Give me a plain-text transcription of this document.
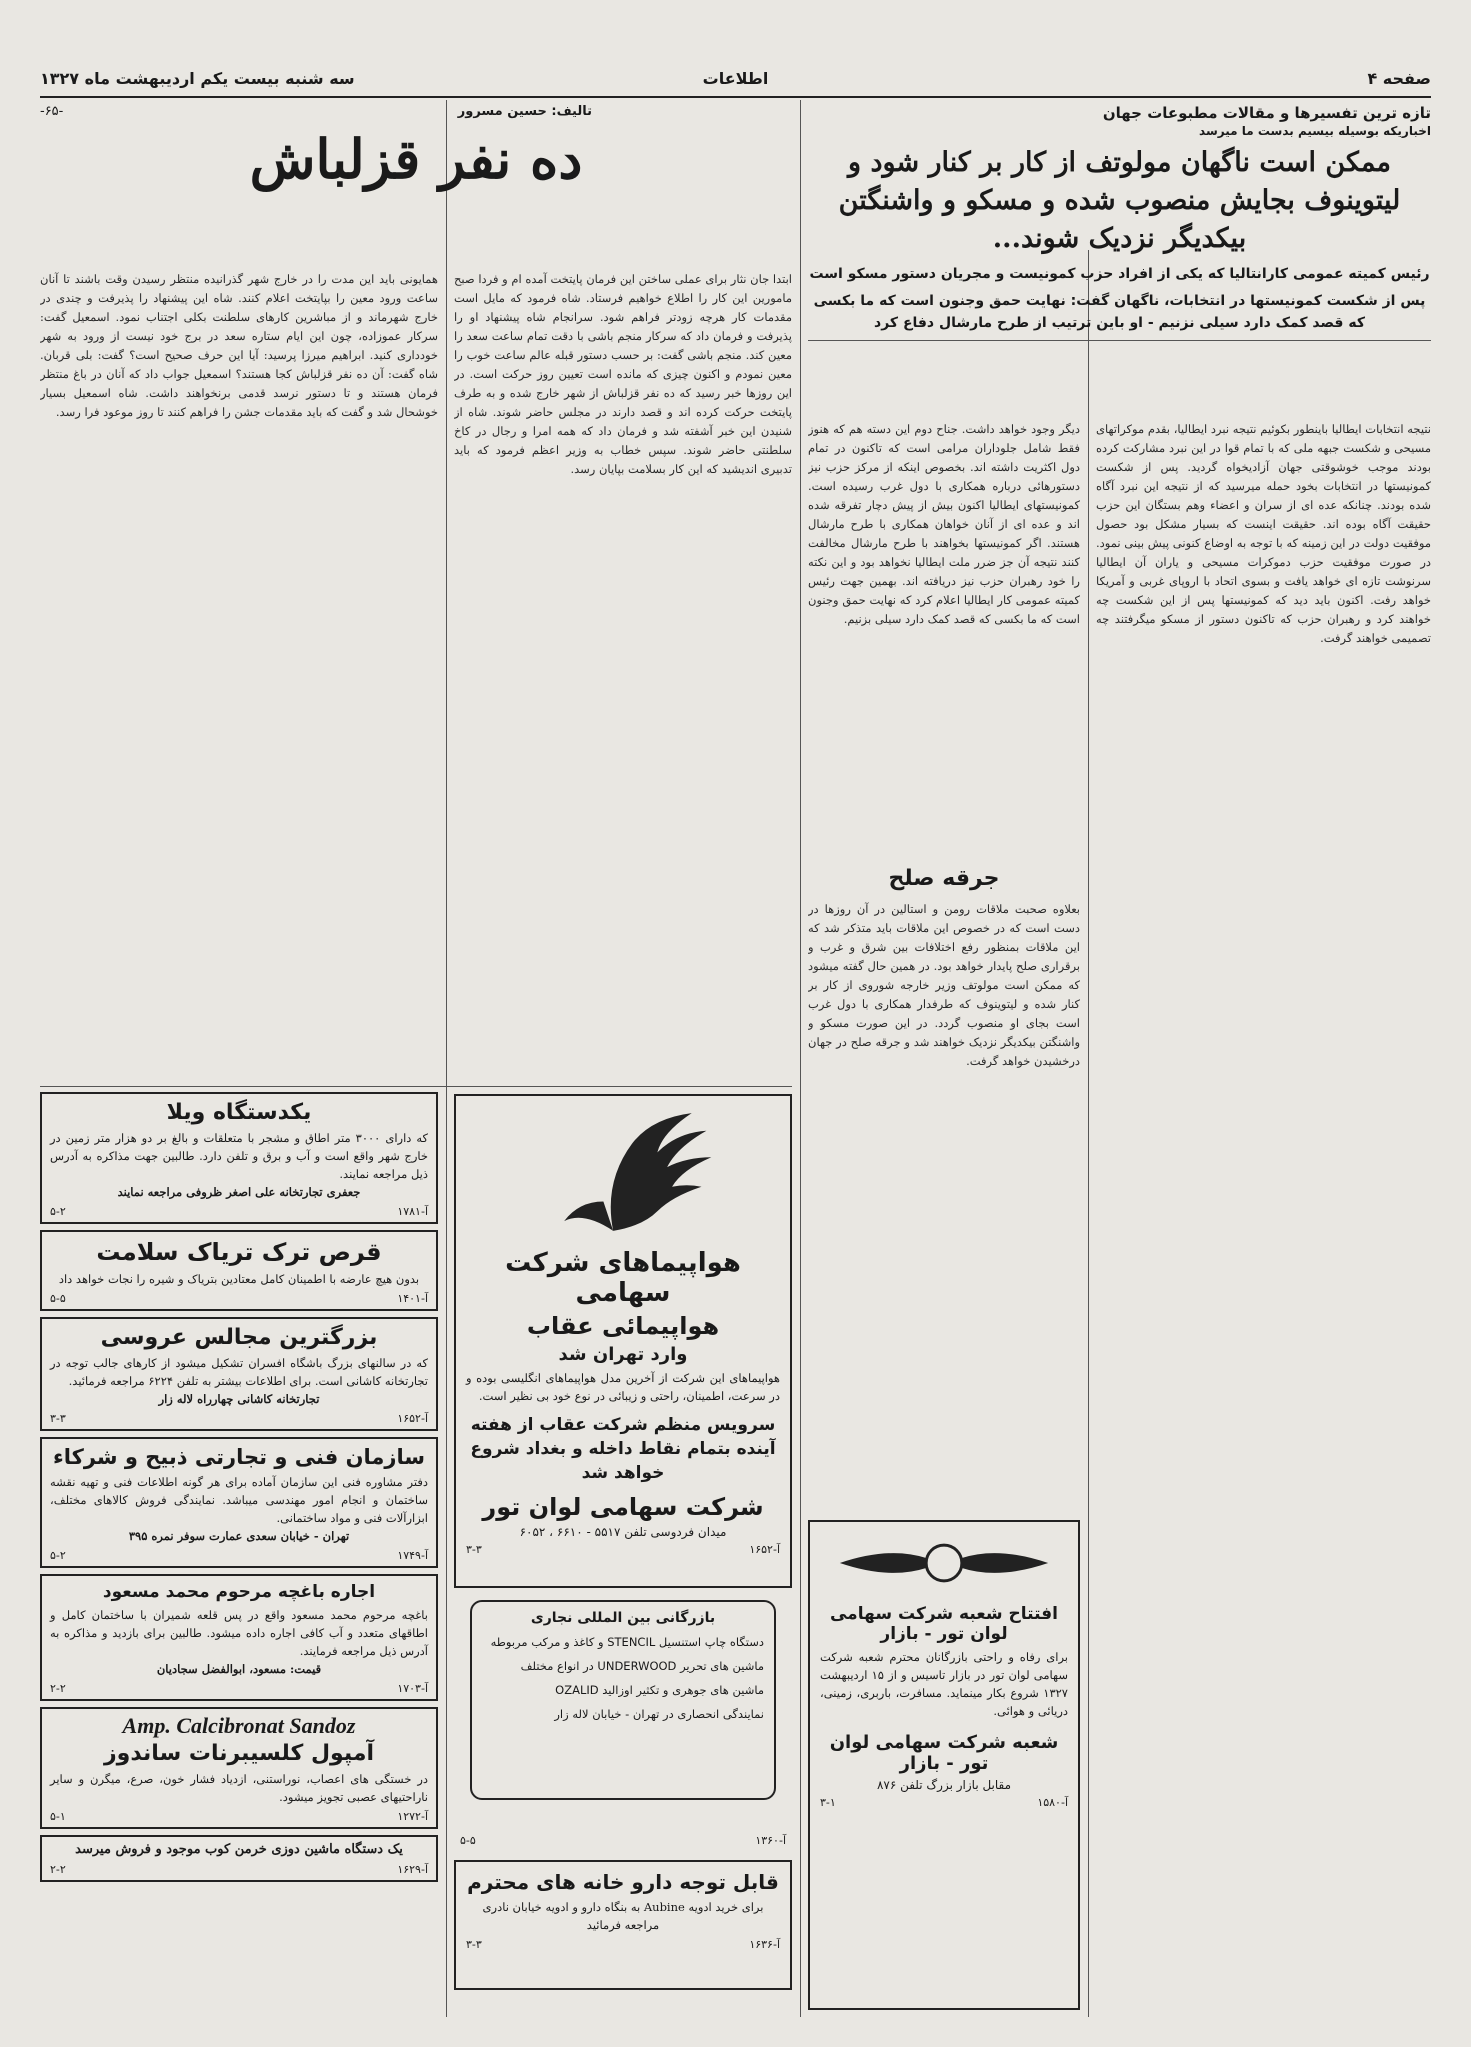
صفحه ۴
اطلاعات
سه شنبه بیست یکم اردیبهشت ماه ۱۳۲۷
تازه ترین تفسیرها و مقالات مطبوعات جهان
اخباریکه بوسیله بیسیم بدست ما میرسد
ممکن است ناگهان مولوتف از کار بر کنار شود و لیتوینوف بجایش منصوب شده و مسکو و واشنگتن بیکدیگر نزدیک شوند...
رئیس کمیته عمومی کارانتالیا که یکی از افراد حزب کمونیست و مجریان دستور مسکو است
پس از شکست کمونیستها در انتخابات، ناگهان گفت: نهایت حمق وجنون است که ما بکسی که قصد کمک دارد سیلی نزنیم - او باین ترتیب از طرح مارشال دفاع کرد
نتیجه انتخابات ایطالیا باینطور بکوئیم نتیجه نبرد ایطالیا، بقدم موکراتهای مسیحی و شکست جبهه ملی که با تمام قوا در این نبرد مشارکت کرده بودند موجب خوشوقتی جهان آزادیخواه گردید. پس از شکست کمونیستها در انتخابات بخود حمله میرسید که از نتیجه این نبرد آگاه شده بودند. چنانکه عده ای از سران و اعضاء وهم بستگان این حزب حقیقت آگاه بوده اند. حقیقت اینست که بسیار مشکل بود حصول موفقیت دولت در این زمینه که با توجه به اوضاع کنونی پیش بینی نمود. در صورت موفقیت حزب دموکرات مسیحی و یاران آن ایطالیا سرنوشت تازه ای خواهد یافت و بسوی اتحاد با اروپای غربی و آمریکا خواهد رفت. اکنون باید دید که کمونیستها پس از این شکست چه خواهند کرد و رهبران حزب که تاکنون دستور از مسکو میگرفتند چه تصمیمی خواهند گرفت.
دیگر وجود خواهد داشت. جناح دوم این دسته هم که هنوز فقط شامل جلوداران مرامی است که تاکنون در تمام دول اکثریت داشته اند. بخصوص اینکه از مرکز حزب نیز دستورهائی درباره همکاری با دول غرب رسیده است. کمونیستهای ایطالیا اکنون بیش از پیش دچار تفرقه شده اند و عده ای از آنان خواهان همکاری با طرح مارشال هستند. اگر کمونیستها بخواهند با طرح مارشال مخالفت کنند نتیجه آن جز ضرر ملت ایطالیا نخواهد بود و این نکته را خود رهبران حزب نیز دریافته اند. بهمین جهت رئیس کمیته عمومی کار ایطالیا اعلام کرد که نهایت حمق وجنون است که ما بکسی که قصد کمک دارد سیلی بزنیم.
جرقه صلح
بعلاوه صحبت ملاقات رومن و استالین در آن روزها در دست است که در خصوص این ملاقات باید متذکر شد که این ملاقات بمنظور رفع اختلافات بین شرق و غرب و برقراری صلح پایدار خواهد بود. در همین حال گفته میشود که ممکن است مولوتف وزیر خارجه شوروی از کار بر کنار شده و لیتوینوف که طرفدار همکاری با دول غرب است بجای او منصوب گردد. در این صورت مسکو و واشنگتن بیکدیگر نزدیک خواهند شد و جرقه صلح در جهان درخشیدن خواهد گرفت.
افتتاح شعبه شرکت سهامی لوان تور - بازار
برای رفاه و راحتی بازرگانان محترم شعبه شرکت سهامی لوان تور در بازار تاسیس و از ۱۵ اردیبهشت ۱۳۲۷ شروع بکار مینماید. مسافرت، باربری، زمینی، دریائی و هوائی.
شعبه شرکت سهامی لوان تور - بازار
مقابل بازار بزرگ تلفن ۸۷۶
۳-۱	آ-۱۵۸۰
تالیف: حسین مسرور
-۶۵-
ده نفر قزلباش
ابتدا جان نثار برای عملی ساختن این فرمان پایتخت آمده ام و فردا صبح مامورین این کار را اطلاع خواهیم فرستاد. شاه فرمود که مایل است مقدمات کار هرچه زودتر فراهم شود. سرانجام شاه پیشنهاد او را پذیرفت و فرمان داد که سرکار منجم باشی با دقت تمام ساعت سعد را معین کند. منجم باشی گفت: بر حسب دستور قبله عالم ساعت خوب را معین نمودم و اکنون چیزی که مانده است تعیین روز حرکت است. در این روزها خبر رسید که ده نفر قزلباش از شهر خارج شده و به طرف پایتخت حرکت کرده اند و قصد دارند در مجلس حاضر شوند. شاه از شنیدن این خبر آشفته شد و فرمان داد که همه امرا و رجال در کاخ سلطنتی حاضر شوند. سپس خطاب به وزیر اعظم فرمود که باید تدبیری اندیشید که این کار بسلامت بپایان رسد.
همایونی باید این مدت را در خارج شهر گذرانیده منتظر رسیدن وقت باشند تا آنان ساعت ورود معین را بپایتخت اعلام کنند. شاه این پیشنهاد را پذیرفت و چندی در خارج شهرماند و از مباشرین کارهای سلطنت بکلی اجتناب نمود. اسمعیل گفت: سرکار عموزاده، چون این ایام ستاره سعد در برج خود نیست از ورود به شهر خودداری کنید. ابراهیم میرزا پرسید: آیا این حرف صحیح است؟ گفت: بلی قربان. شاه گفت: آن ده نفر قزلباش کجا هستند؟ اسمعیل جواب داد که آنان در باغ منتظر فرمان هستند و تا دستور نرسد قدمی برنخواهند داشت. شاه اسمعیل بسیار خوشحال شد و گفت که باید مقدمات جشن را فراهم کنند تا روز موعود فرا رسد.
هواپیماهای شرکت سهامی
هواپیمائی عقاب
وارد تهران شد
هواپیماهای این شرکت از آخرین مدل هواپیماهای انگلیسی بوده و در سرعت، اطمینان، راحتی و زیبائی در نوع خود بی نظیر است.
سرویس منظم شرکت عقاب از هفته آینده بتمام نقاط داخله و بغداد شروع خواهد شد
شرکت سهامی لوان تور
میدان فردوسی تلفن ۵۵۱۷ - ۶۶۱۰ ، ۶۰۵۲
۳-۳	آ-۱۶۵۲
بازرگانی بین المللی نجاری
دستگاه چاپ استنسیل STENCIL و کاغذ و مرکب مربوطه
ماشین های تحریر UNDERWOOD در انواع مختلف
ماشین های جوهری و تکثیر اوزالید OZALID
نمایندگی انحصاری در تهران - خیابان لاله زار
۵-۵	آ-۱۳۶۰
قابل توجه دارو خانه های محترم
برای خرید ادویه Aubine به بنگاه دارو و ادویه خیابان نادری مراجعه فرمائید
۳-۳	آ-۱۶۳۶
یکدستگاه ویلا
که دارای ۳۰۰۰ متر اطاق و مشجر با متعلقات و بالغ بر دو هزار متر زمین در خارج شهر واقع است و آب و برق و تلفن دارد. طالبین جهت مذاکره به آدرس ذیل مراجعه نمایند.
جعفری تجارتخانه علی اصغر ظروفی مراجعه نمایند
۵-۲	آ-۱۷۸۱
قرص ترک تریاک سلامت
بدون هیچ عارضه با اطمینان کامل معتادین بتریاک و شیره را نجات خواهد داد
۵-۵	آ-۱۴۰۱
بزرگترین مجالس عروسی
که در سالنهای بزرگ باشگاه افسران تشکیل میشود از کارهای جالب توجه در تجارتخانه کاشانی است. برای اطلاعات بیشتر به تلفن ۶۲۲۴ مراجعه فرمائید.
تجارتخانه کاشانی چهارراه لاله زار
۳-۳	آ-۱۶۵۲
سازمان فنی و تجارتی ذبیح و شرکاء
دفتر مشاوره فنی این سازمان آماده برای هر گونه اطلاعات فنی و تهیه نقشه ساختمان و انجام امور مهندسی میباشد. نمایندگی فروش کالاهای مختلف، ابزارآلات فنی و مواد ساختمانی.
تهران - خیابان سعدی عمارت سوفر نمره ۳۹۵
۵-۲	آ-۱۷۴۹
اجاره باغچه مرحوم محمد مسعود
باغچه مرحوم محمد مسعود واقع در پس قلعه شمیران با ساختمان کامل و اطاقهای متعدد و آب کافی اجاره داده میشود. طالبین برای بازدید و مذاکره به آدرس ذیل مراجعه فرمایند.
قیمت: مسعود، ابوالفضل سجادیان
۲-۲	آ-۱۷۰۳
Amp. Calcibronat Sandoz
آمپول کلسیبرنات ساندوز
در خستگی های اعصاب، نوراستنی، ازدیاد فشار خون، صرع، میگرن و سایر ناراحتیهای عصبی تجویز میشود.
۵-۱	آ-۱۲۷۲
یک دستگاه ماشین دوزی خرمن کوب موجود و فروش میرسد
۲-۲	آ-۱۶۲۹
